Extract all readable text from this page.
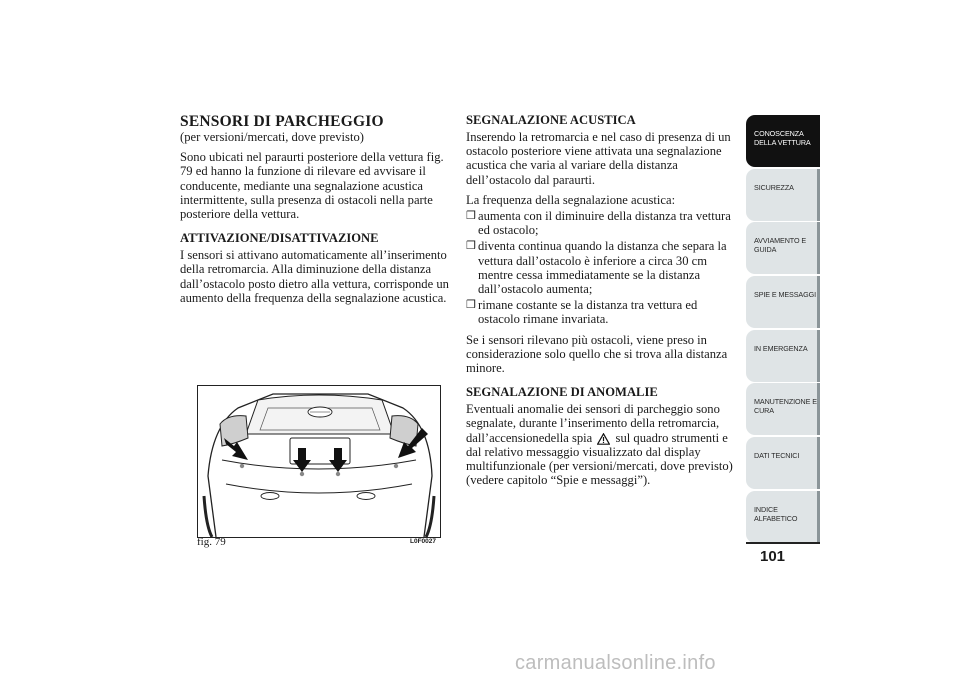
SENSORI DI PARCHEGGIO
(per versioni/mercati, dove previsto)

Sono ubicati nel paraurti posteriore della vettura fig. 79 ed hanno la funzione di rilevare ed avvisare il conducente, mediante una segnalazione acustica intermittente, sulla presenza di ostacoli nella parte posteriore della vettura.

ATTIVAZIONE/DISATTIVAZIONE

I sensori si attivano automaticamente all’inserimento della retromarcia. Alla diminuzione della distanza dall’ostacolo posto dietro alla vettura, corrisponde un aumento della frequenza della segnalazione acustica.

SEGNALAZIONE ACUSTICA

Inserendo la retromarcia e nel caso di presenza di un ostacolo posteriore viene attivata una segnalazione acustica che varia al variare della distanza dell’ostacolo dal paraurti.

La frequenza della segnalazione acustica:

❒ aumenta con il diminuire della distanza tra vettura ed ostacolo;
❒ diventa continua quando la distanza che separa la vettura dall’ostacolo è inferiore a circa 30 cm mentre cessa immediatamente se la distanza dall’ostacolo aumenta;
❒ rimane costante se la distanza tra vettura ed ostacolo rimane invariata.

Se i sensori rilevano più ostacoli, viene preso in considerazione solo quello che si trova alla distanza minore.

SEGNALAZIONE DI ANOMALIE

Eventuali anomalie dei sensori di parcheggio sono segnalate, durante l’inserimento della retromarcia, dall’accensionedella spia sul quadro strumenti e dal relativo messaggio visualizzato dal display multifunzionale (per versioni/mercati, dove previsto) (vedere capitolo “Spie e messaggi”).

fig. 79	L0F0027
CONOSCENZA DELLA VETTURA
SICUREZZA
AVVIAMENTO E GUIDA
SPIE E MESSAGGI
IN EMERGENZA
MANUTENZIONE E CURA
DATI TECNICI
INDICE ALFABETICO
101
carmanualsonline.info
